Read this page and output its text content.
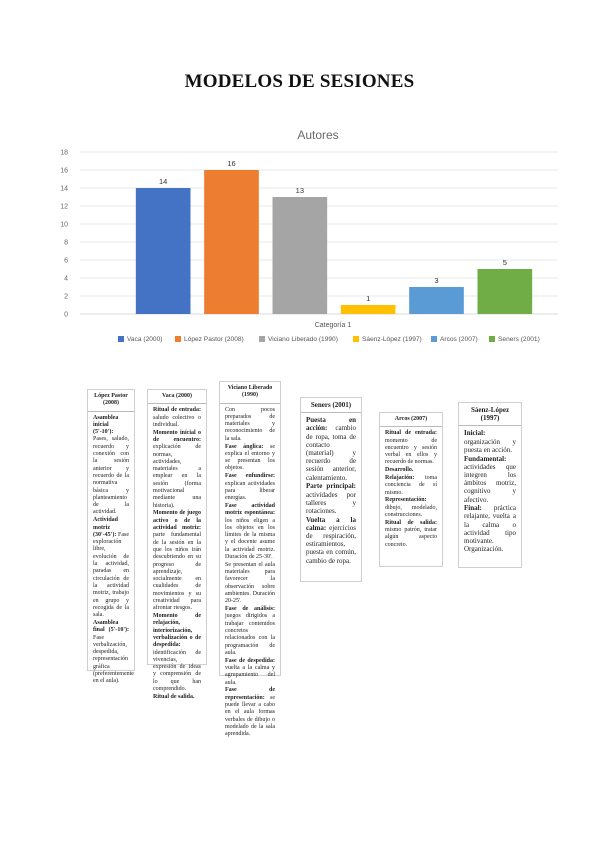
MODELOS DE SESIONES
Autores
0
2
4
6
8
10
12
14
16
18
14
16
13
1
3
5
Categoría 1
Vaca (2000)	López Pastor (2008)	Viciano Liberado (1990)	Sáenz-López (1997)	Arcos (2007)	Seners (2001)
López Pastor (2008)

Asamblea inicial (5'-10'): Pases, saludo, recuerdo y conexión con la sesión anterior y recuerdo de la normativa básica y planteamiento de la actividad.

Actividad motriz (30'-45'): Fase exploración libre, evolución de la actividad, paradas en circulación de la actividad motriz, trabajo en grupo y recogida de la sala.

Asamblea final (5'-10'): Fase verbalización, despedida, representación gráfica (preferentemente en el aula).

Vaca (2000)

Ritual de entrada: saludo colectivo o individual.

Momento inicial o de encuentro: explicación de normas, actividades, materiales a emplear en la sesión (forma motivacional mediante una historia).

Momento de juego activo o de la actividad motriz: parte fundamental de la sesión en la que los niños irán descubriendo en su progreso de aprendizaje, socialmente en cualidades de movimientos y su creatividad para afrontar riesgos.

Momento de relajación, interiorización, verbalización o de despedida: identificación de vivencias, expresión de ideas y comprensión de lo que han comprendido.

Ritual de salida.

Viciano Liberado (1990)

Con pocos preparados de materiales y reconocimiento de la sala.

Fase ánglica: se explica el entorno y se presentan los objetos.

Fase enfundirse: explican actividades para liberar energías.

Fase actividad motriz espontánea: los niños eligen a los objetos en los límites de la misma y el docente asume la actividad motriz. Duración de 25-30'.

Se presentan el aula materiales para favorecer la observación sobre ambientes. Duración 20-25'.

Fase de análisis: juegos dirigidos a trabajar contenidos concretos relacionados con la programación de aula.

Fase de despedida: vuelta a la calma y agrupamiento del aula.

Fase de representación: se puede llevar a cabo en el aula formas verbales de dibujo o modelado de la sala aprendida.

Seners (2001)

Puesta en acción: cambio de ropa, toma de contacto (material) y recuerdo de sesión anterior, calentamiento.

Parte principal: actividades por talleres y rotaciones.

Vuelta a la calma: ejercicios de respiración, estiramientos, puesta en común, cambio de ropa.

Arcos (2007)

Ritual de entrada: momento de encuentro y sesión verbal en ellos y recuerdo de normas.

Desarrollo.

Relajación: toma conciencia de sí mismo.

Representación: dibujo, modelado, construcciones.

Ritual de salida: mismo patrón, tratar algún aspecto concreto.

Sáenz-López (1997)

Inicial: organización y puesta en acción.

Fundamental: actividades que integren los ámbitos motriz, cognitivo y afectivo.

Final: práctica relajante, vuelta a la calma o actividad tipo motivante. Organización.
